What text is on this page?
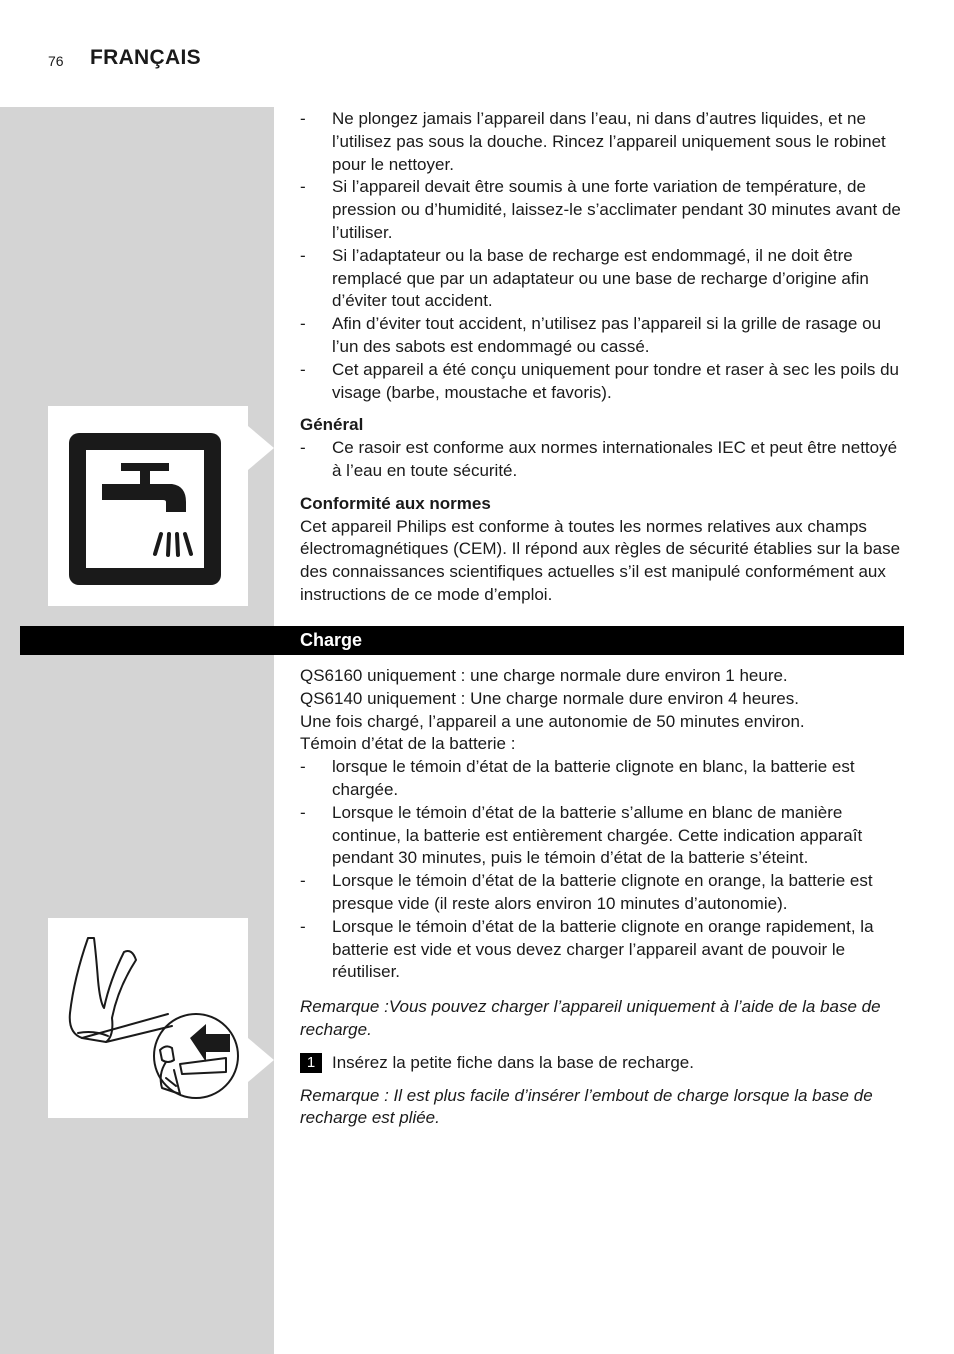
76 FRANÇAIS
- Ne plongez jamais l’appareil dans l’eau, ni dans d’autres liquides, et ne l’utilisez pas sous la douche. Rincez l’appareil uniquement sous le robinet pour le nettoyer.
- Si l’appareil devait être soumis à une forte variation de température, de pression ou d’humidité, laissez-le s’acclimater pendant 30 minutes avant de l’utiliser.
- Si l’adaptateur ou la base de recharge est endommagé, il ne doit être remplacé que par un adaptateur ou une base de recharge d’origine afin d’éviter tout accident.
- Afin d’éviter tout accident, n’utilisez pas l’appareil si la grille de rasage ou l’un des sabots est endommagé ou cassé.
- Cet appareil a été conçu uniquement pour tondre et raser à sec les poils du visage (barbe, moustache et favoris).
Général
- Ce rasoir est conforme aux normes internationales IEC et peut être nettoyé à l’eau en toute sécurité.
Conformité aux normes
Cet appareil Philips est conforme à toutes les normes relatives aux champs électromagnétiques (CEM). Il répond aux règles de sécurité établies sur la base des connaissances scientifiques actuelles s’il est manipulé conformément aux instructions de ce mode d’emploi.
Charge
QS6160 uniquement : une charge normale dure environ 1 heure.
QS6140 uniquement : Une charge normale dure environ 4 heures.
Une fois chargé, l’appareil a une autonomie de 50 minutes environ.
Témoin d’état de la batterie :
- lorsque le témoin d’état de la batterie clignote en blanc, la batterie est chargée.
- Lorsque le témoin d’état de la batterie s’allume en blanc de manière continue, la batterie est entièrement chargée. Cette indication apparaît pendant 30 minutes, puis le témoin d’état de la batterie s’éteint.
- Lorsque le témoin d’état de la batterie clignote en orange, la batterie est presque vide (il reste alors environ 10 minutes d’autonomie).
- Lorsque le témoin d’état de la batterie clignote en orange rapidement, la batterie est vide et vous devez charger l’appareil avant de pouvoir le réutiliser.
Remarque :Vous pouvez charger l’appareil uniquement à l’aide de la base de recharge.
1 Insérez la petite fiche dans la base de recharge.
Remarque : Il est plus facile d’insérer l’embout de charge lorsque la base de recharge est pliée.
